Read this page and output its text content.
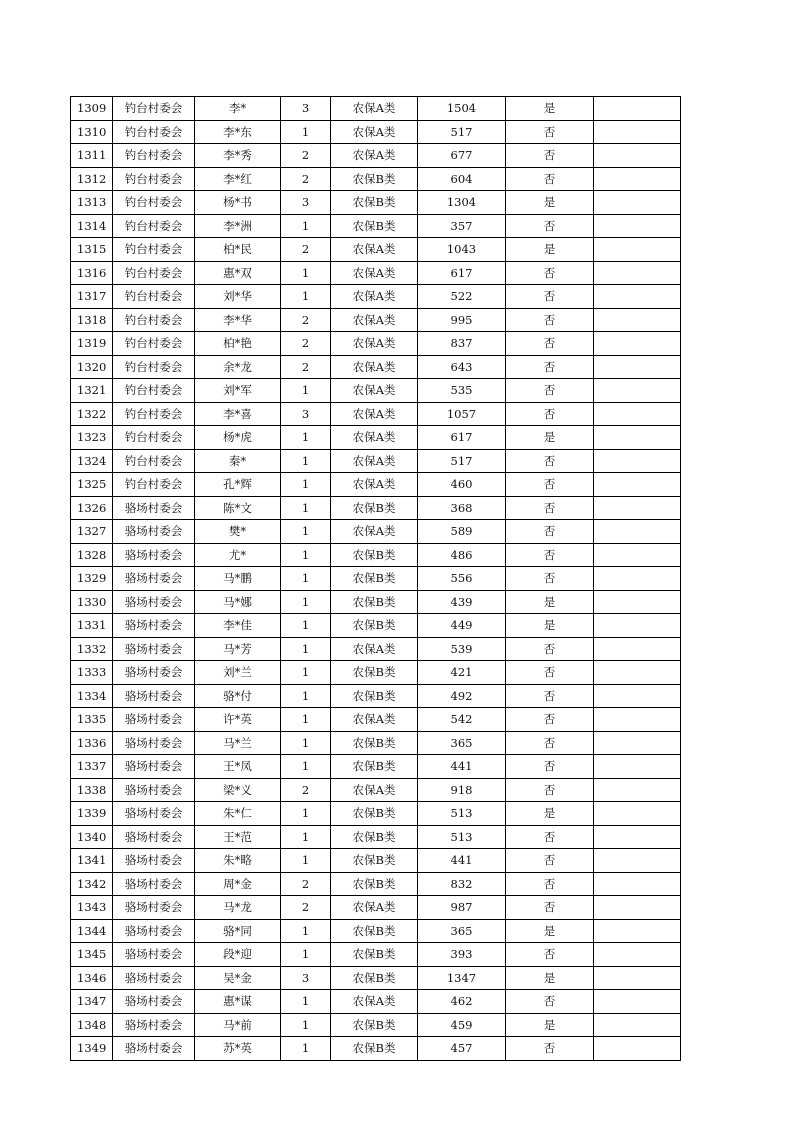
1309	钓台村委会	李*	3	农保A类	1504	是	
1310	钓台村委会	李*东	1	农保A类	517	否	
1311	钓台村委会	李*秀	2	农保A类	677	否	
1312	钓台村委会	李*红	2	农保B类	604	否	
1313	钓台村委会	杨*书	3	农保B类	1304	是	
1314	钓台村委会	李*洲	1	农保B类	357	否	
1315	钓台村委会	柏*民	2	农保A类	1043	是	
1316	钓台村委会	惠*双	1	农保A类	617	否	
1317	钓台村委会	刘*华	1	农保A类	522	否	
1318	钓台村委会	李*华	2	农保A类	995	否	
1319	钓台村委会	柏*艳	2	农保A类	837	否	
1320	钓台村委会	余*龙	2	农保A类	643	否	
1321	钓台村委会	刘*军	1	农保A类	535	否	
1322	钓台村委会	李*喜	3	农保A类	1057	否	
1323	钓台村委会	杨*虎	1	农保A类	617	是	
1324	钓台村委会	秦*	1	农保A类	517	否	
1325	钓台村委会	孔*辉	1	农保A类	460	否	
1326	骆场村委会	陈*文	1	农保B类	368	否	
1327	骆场村委会	樊*	1	农保A类	589	否	
1328	骆场村委会	尤*	1	农保B类	486	否	
1329	骆场村委会	马*鹏	1	农保B类	556	否	
1330	骆场村委会	马*娜	1	农保B类	439	是	
1331	骆场村委会	李*佳	1	农保B类	449	是	
1332	骆场村委会	马*芳	1	农保A类	539	否	
1333	骆场村委会	刘*兰	1	农保B类	421	否	
1334	骆场村委会	骆*付	1	农保B类	492	否	
1335	骆场村委会	许*英	1	农保A类	542	否	
1336	骆场村委会	马*兰	1	农保B类	365	否	
1337	骆场村委会	王*凤	1	农保B类	441	否	
1338	骆场村委会	梁*义	2	农保A类	918	否	
1339	骆场村委会	朱*仁	1	农保B类	513	是	
1340	骆场村委会	王*范	1	农保B类	513	否	
1341	骆场村委会	朱*略	1	农保B类	441	否	
1342	骆场村委会	周*金	2	农保B类	832	否	
1343	骆场村委会	马*龙	2	农保A类	987	否	
1344	骆场村委会	骆*同	1	农保B类	365	是	
1345	骆场村委会	段*迎	1	农保B类	393	否	
1346	骆场村委会	吴*金	3	农保B类	1347	是	
1347	骆场村委会	惠*谋	1	农保A类	462	否	
1348	骆场村委会	马*前	1	农保B类	459	是	
1349	骆场村委会	苏*英	1	农保B类	457	否	
